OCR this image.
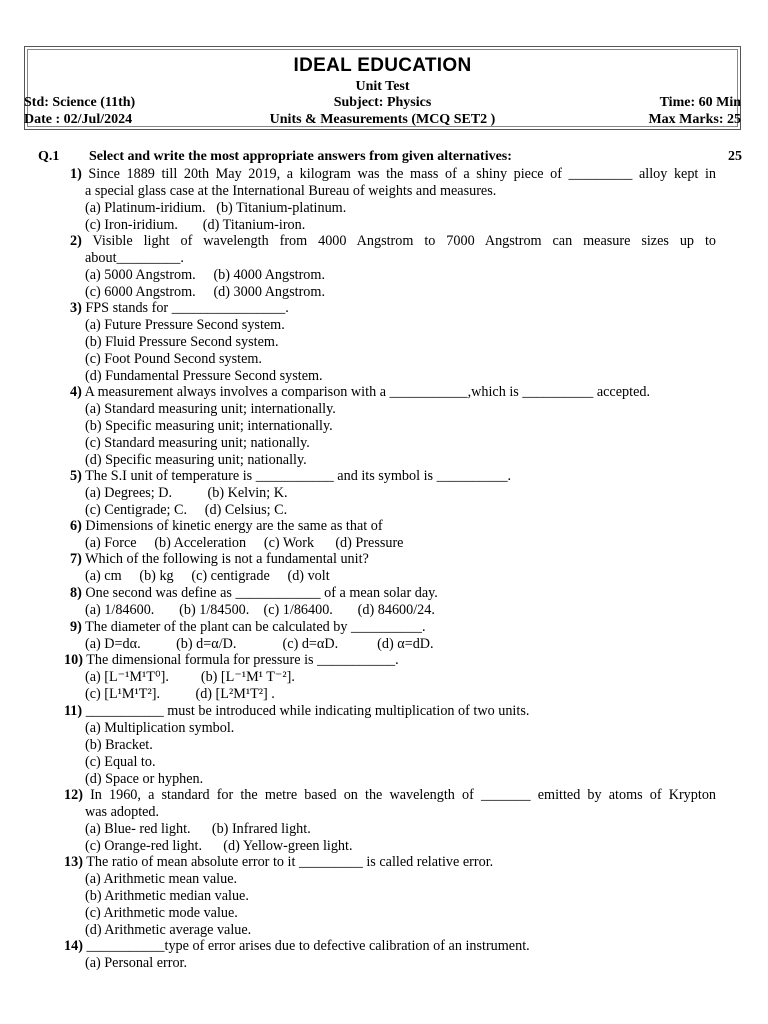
IDEAL EDUCATION
Unit Test
Std: Science (11th)	Subject: Physics	Time: 60 Min
Date : 02/Jul/2024	Units & Measurements (MCQ SET2 )	Max Marks: 25
Q.1 Select and write the most appropriate answers from given alternatives:	25
1) Since 1889 till 20th May 2019, a kilogram was the mass of a shiny piece of _________ alloy kept in
a special glass case at the International Bureau of weights and measures.
(a) Platinum-iridium.   (b) Titanium-platinum.
(c) Iron-iridium.       (d) Titanium-iron.
2) Visible light of wavelength from 4000 Angstrom to 7000 Angstrom can measure sizes up to
about_________.
(a) 5000 Angstrom.     (b) 4000 Angstrom.
(c) 6000 Angstrom.     (d) 3000 Angstrom.
3) FPS stands for ________________.
(a) Future Pressure Second system.
(b) Fluid Pressure Second system.
(c) Foot Pound Second system.
(d) Fundamental Pressure Second system.
4) A measurement always involves a comparison with a ___________,which is __________ accepted.
(a) Standard measuring unit; internationally.
(b) Specific measuring unit; internationally.
(c) Standard measuring unit; nationally.
(d) Specific measuring unit; nationally.
5) The S.I unit of temperature is ___________ and its symbol is __________.
(a) Degrees; D.          (b) Kelvin; K.
(c) Centigrade; C.     (d) Celsius; C.
6) Dimensions of kinetic energy are the same as that of
(a) Force     (b) Acceleration     (c) Work      (d) Pressure
7) Which of the following is not a fundamental unit?
(a) cm     (b) kg     (c) centigrade     (d) volt
8) One second was define as ____________ of a mean solar day.
(a) 1/84600.       (b) 1/84500.    (c) 1/86400.       (d) 84600/24.
9) The diameter of the plant can be calculated by __________.
(a) D=dα.          (b) d=α/D.             (c) d=αD.           (d) α=dD.
10) The dimensional formula for pressure is ___________.
(a) [L⁻¹M¹T⁰].         (b) [L⁻¹M¹ T⁻²].
(c) [L¹M¹T²].          (d) [L²M¹T²] .
11) ___________ must be introduced while indicating multiplication of two units.
(a) Multiplication symbol.
(b) Bracket.
(c) Equal to.
(d) Space or hyphen.
12) In 1960, a standard for the metre based on the wavelength of _______ emitted by atoms of Krypton
was adopted.
(a) Blue- red light.      (b) Infrared light.
(c) Orange-red light.      (d) Yellow-green light.
13) The ratio of mean absolute error to it _________ is called relative error.
(a) Arithmetic mean value.
(b) Arithmetic median value.
(c) Arithmetic mode value.
(d) Arithmetic average value.
14) ___________type of error arises due to defective calibration of an instrument.
(a) Personal error.
